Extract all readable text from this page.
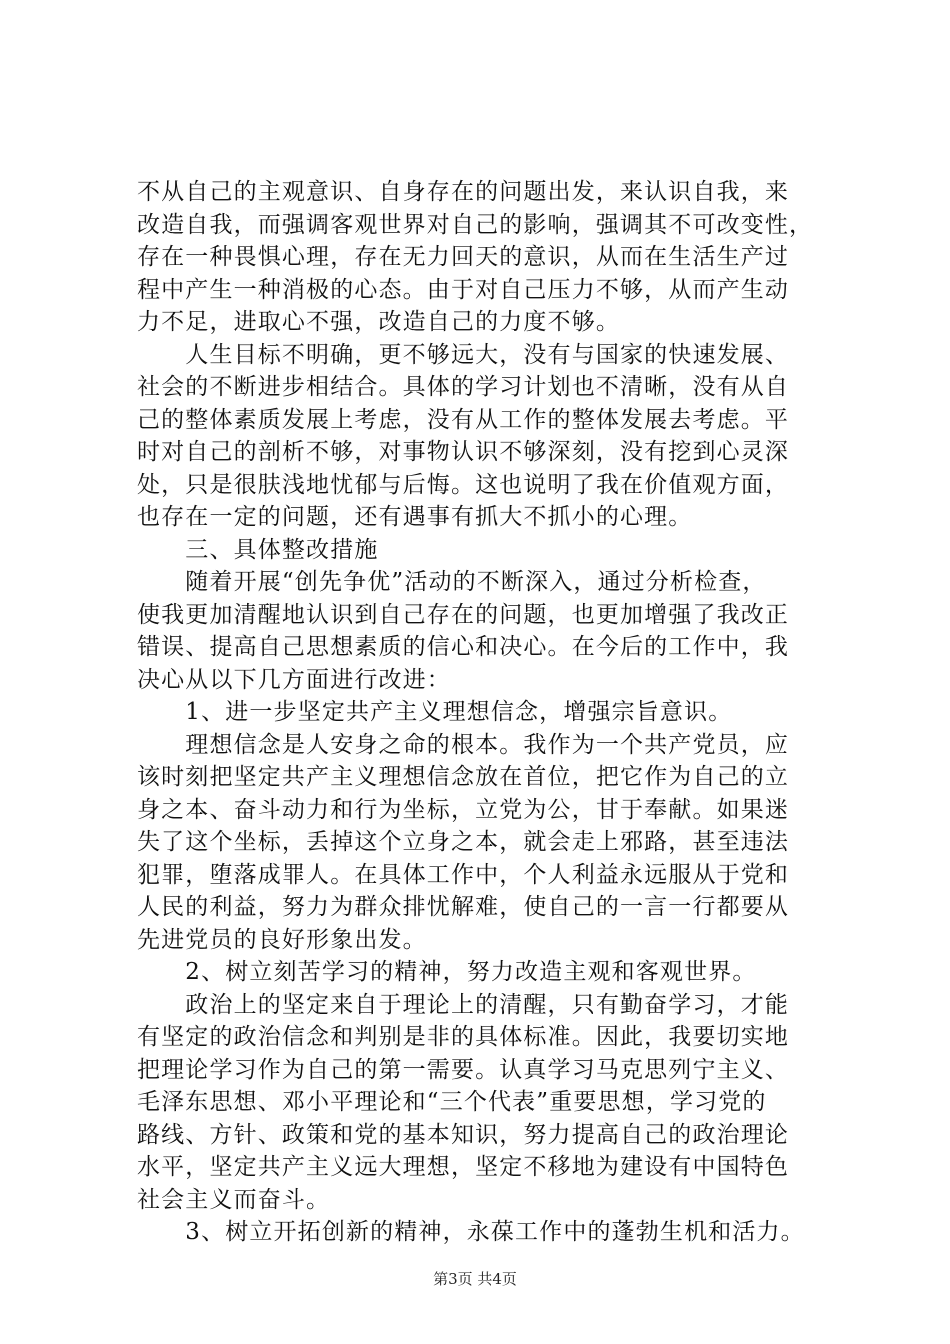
不从自己的主观意识、自身存在的问题出发，来认识自我，来
改造自我，而强调客观世界对自己的影响，强调其不可改变性，
存在一种畏惧心理，存在无力回天的意识，从而在生活生产过
程中产生一种消极的心态。由于对自己压力不够，从而产生动
力不足，进取心不强，改造自己的力度不够。
　　人生目标不明确，更不够远大，没有与国家的快速发展、
社会的不断进步相结合。具体的学习计划也不清晰，没有从自
己的整体素质发展上考虑，没有从工作的整体发展去考虑。平
时对自己的剖析不够，对事物认识不够深刻，没有挖到心灵深
处，只是很肤浅地忧郁与后悔。这也说明了我在价值观方面，
也存在一定的问题，还有遇事有抓大不抓小的心理。
　　三、具体整改措施
　　随着开展“创先争优”活动的不断深入，通过分析检查，
使我更加清醒地认识到自己存在的问题，也更加增强了我改正
错误、提高自己思想素质的信心和决心。在今后的工作中，我
决心从以下几方面进行改进：
　　1、进一步坚定共产主义理想信念，增强宗旨意识。
　　理想信念是人安身之命的根本。我作为一个共产党员，应
该时刻把坚定共产主义理想信念放在首位，把它作为自己的立
身之本、奋斗动力和行为坐标，立党为公，甘于奉献。如果迷
失了这个坐标，丢掉这个立身之本，就会走上邪路，甚至违法
犯罪，堕落成罪人。在具体工作中，个人利益永远服从于党和
人民的利益，努力为群众排忧解难，使自己的一言一行都要从
先进党员的良好形象出发。
　　2、树立刻苦学习的精神，努力改造主观和客观世界。
　　政治上的坚定来自于理论上的清醒，只有勤奋学习，才能
有坚定的政治信念和判别是非的具体标准。因此，我要切实地
把理论学习作为自己的第一需要。认真学习马克思列宁主义、
毛泽东思想、邓小平理论和“三个代表”重要思想，学习党的
路线、方针、政策和党的基本知识，努力提高自己的政治理论
水平，坚定共产主义远大理想，坚定不移地为建设有中国特色
社会主义而奋斗。
　　3、树立开拓创新的精神，永葆工作中的蓬勃生机和活力。
第3页 共4页
